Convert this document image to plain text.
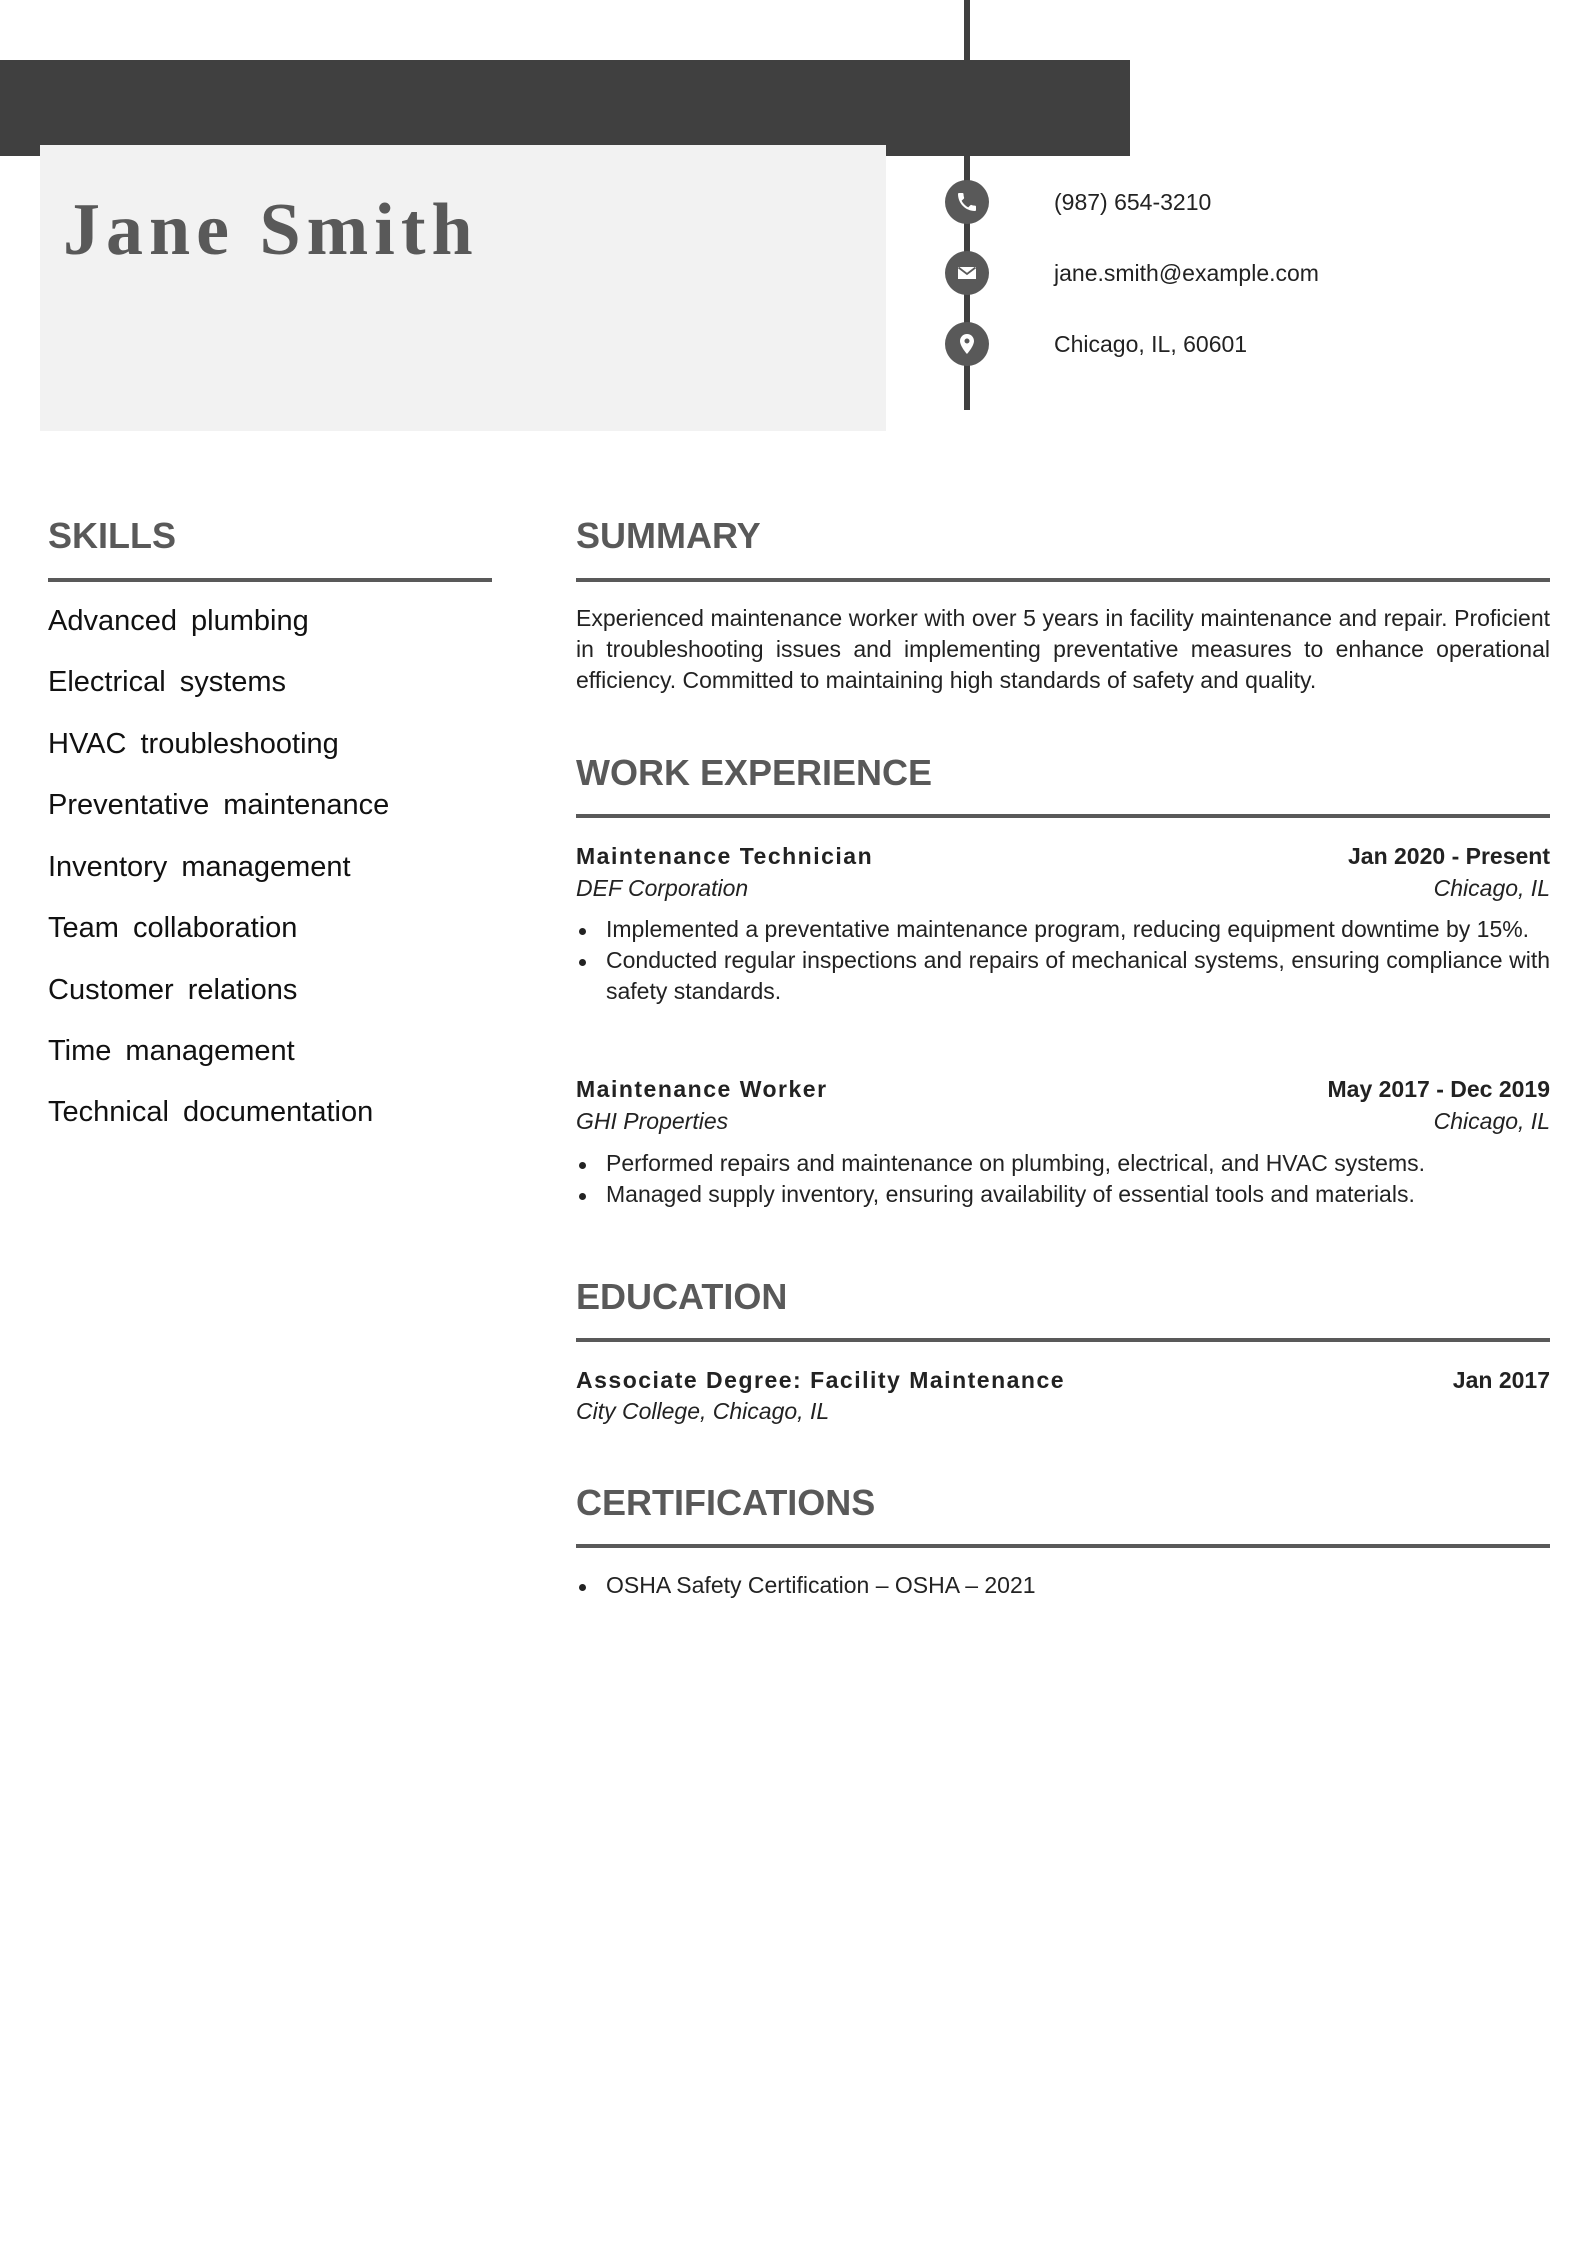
Jane Smith	(987) 654-3210
jane.smith@example.com
Chicago, IL, 60601
SKILLS
Advanced plumbing
Electrical systems
HVAC troubleshooting
Preventative maintenance
Inventory management
Team collaboration
Customer relations
Time management
Technical documentation
SUMMARY

Experienced maintenance worker with over 5 years in facility maintenance and repair. Proficient in troubleshooting issues and implementing preventative measures to enhance operational efficiency. Committed to maintaining high standards of safety and quality.

WORK EXPERIENCE
Maintenance Technician	Jan 2020 - Present
DEF Corporation	Chicago, IL
Implemented a preventative maintenance program, reducing equipment downtime by 15%.
Conducted regular inspections and repairs of mechanical systems, ensuring compliance with safety standards.
Maintenance Worker	May 2017 - Dec 2019
GHI Properties	Chicago, IL
Performed repairs and maintenance on plumbing, electrical, and HVAC systems.
Managed supply inventory, ensuring availability of essential tools and materials.
EDUCATION
Associate Degree: Facility Maintenance	Jan 2017
City College, Chicago, IL
CERTIFICATIONS
OSHA Safety Certification – OSHA – 2021
